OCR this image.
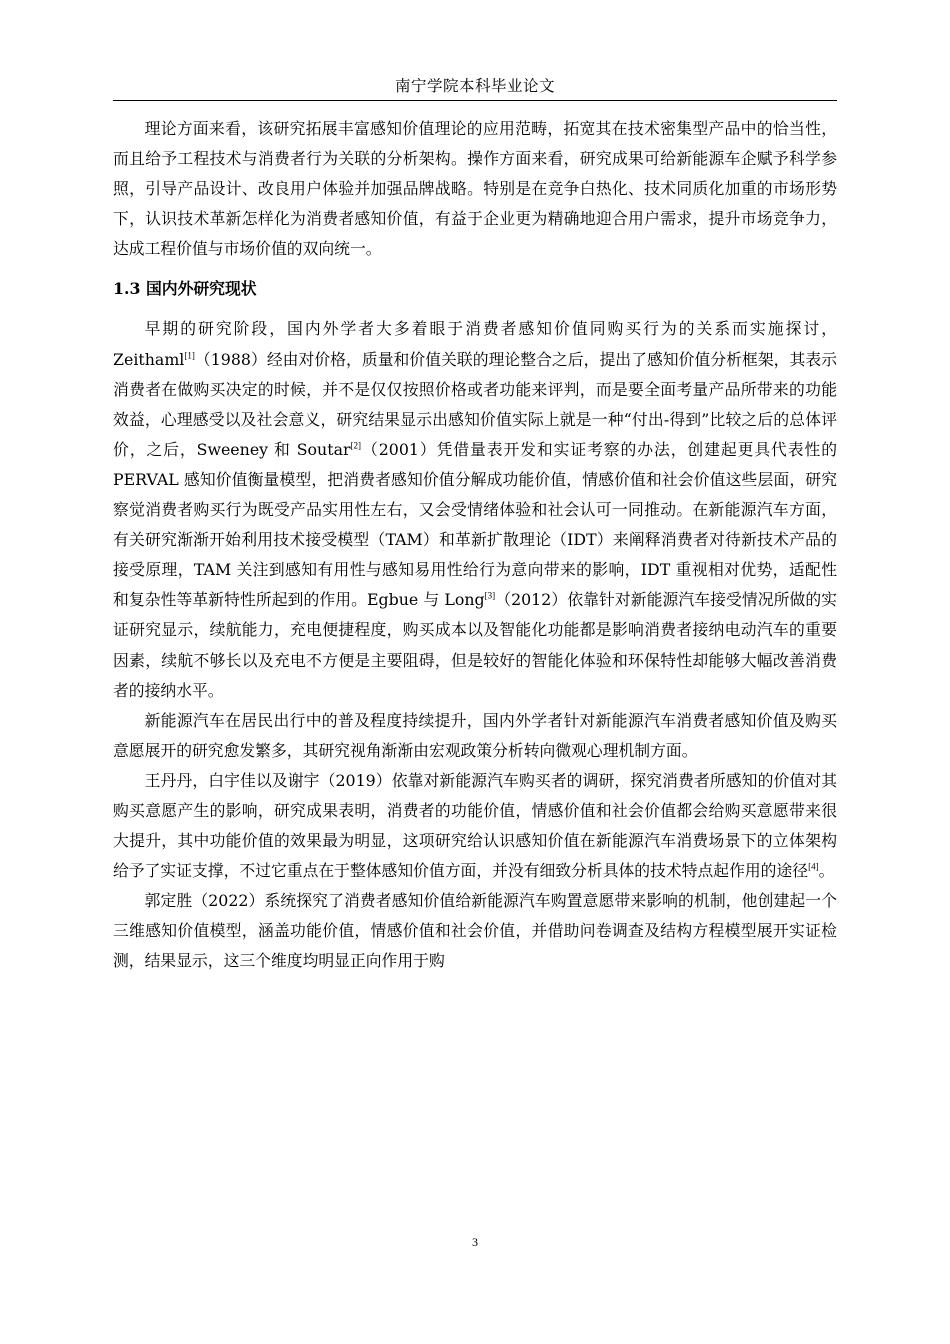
南宁学院本科毕业论文

理论方面来看，该研究拓展丰富感知价值理论的应用范畴，拓宽其在技术密集型产品中的恰当性，而且给予工程技术与消费者行为关联的分析架构。操作方面来看，研究成果可给新能源车企赋予科学参照，引导产品设计、改良用户体验并加强品牌战略。特别是在竞争白热化、技术同质化加重的市场形势下，认识技术革新怎样化为消费者感知价值，有益于企业更为精确地迎合用户需求，提升市场竞争力，达成工程价值与市场价值的双向统一。

1.3 国内外研究现状

早期的研究阶段，国内外学者大多着眼于消费者感知价值同购买行为的关系而实施探讨，Zeithaml[1]（1988）经由对价格，质量和价值关联的理论整合之后，提出了感知价值分析框架，其表示消费者在做购买决定的时候，并不是仅仅按照价格或者功能来评判，而是要全面考量产品所带来的功能效益，心理感受以及社会意义，研究结果显示出感知价值实际上就是一种“付出-得到”比较之后的总体评价，之后，Sweeney 和 Soutar[2]（2001）凭借量表开发和实证考察的办法，创建起更具代表性的 PERVAL 感知价值衡量模型，把消费者感知价值分解成功能价值，情感价值和社会价值这些层面，研究察觉消费者购买行为既受产品实用性左右，又会受情绪体验和社会认可一同推动。在新能源汽车方面，有关研究渐渐开始利用技术接受模型（TAM）和革新扩散理论（IDT）来阐释消费者对待新技术产品的接受原理，TAM 关注到感知有用性与感知易用性给行为意向带来的影响，IDT 重视相对优势，适配性和复杂性等革新特性所起到的作用。Egbue 与 Long[3]（2012）依靠针对新能源汽车接受情况所做的实证研究显示，续航能力，充电便捷程度，购买成本以及智能化功能都是影响消费者接纳电动汽车的重要因素，续航不够长以及充电不方便是主要阻碍，但是较好的智能化体验和环保特性却能够大幅改善消费者的接纳水平。

新能源汽车在居民出行中的普及程度持续提升，国内外学者针对新能源汽车消费者感知价值及购买意愿展开的研究愈发繁多，其研究视角渐渐由宏观政策分析转向微观心理机制方面。

王丹丹，白宇佳以及谢宇（2019）依靠对新能源汽车购买者的调研，探究消费者所感知的价值对其购买意愿产生的影响，研究成果表明，消费者的功能价值，情感价值和社会价值都会给购买意愿带来很大提升，其中功能价值的效果最为明显，这项研究给认识感知价值在新能源汽车消费场景下的立体架构给予了实证支撑，不过它重点在于整体感知价值方面，并没有细致分析具体的技术特点起作用的途径[4]。

郭定胜（2022）系统探究了消费者感知价值给新能源汽车购置意愿带来影响的机制，他创建起一个三维感知价值模型，涵盖功能价值，情感价值和社会价值，并借助问卷调查及结构方程模型展开实证检测，结果显示，这三个维度均明显正向作用于购

3
